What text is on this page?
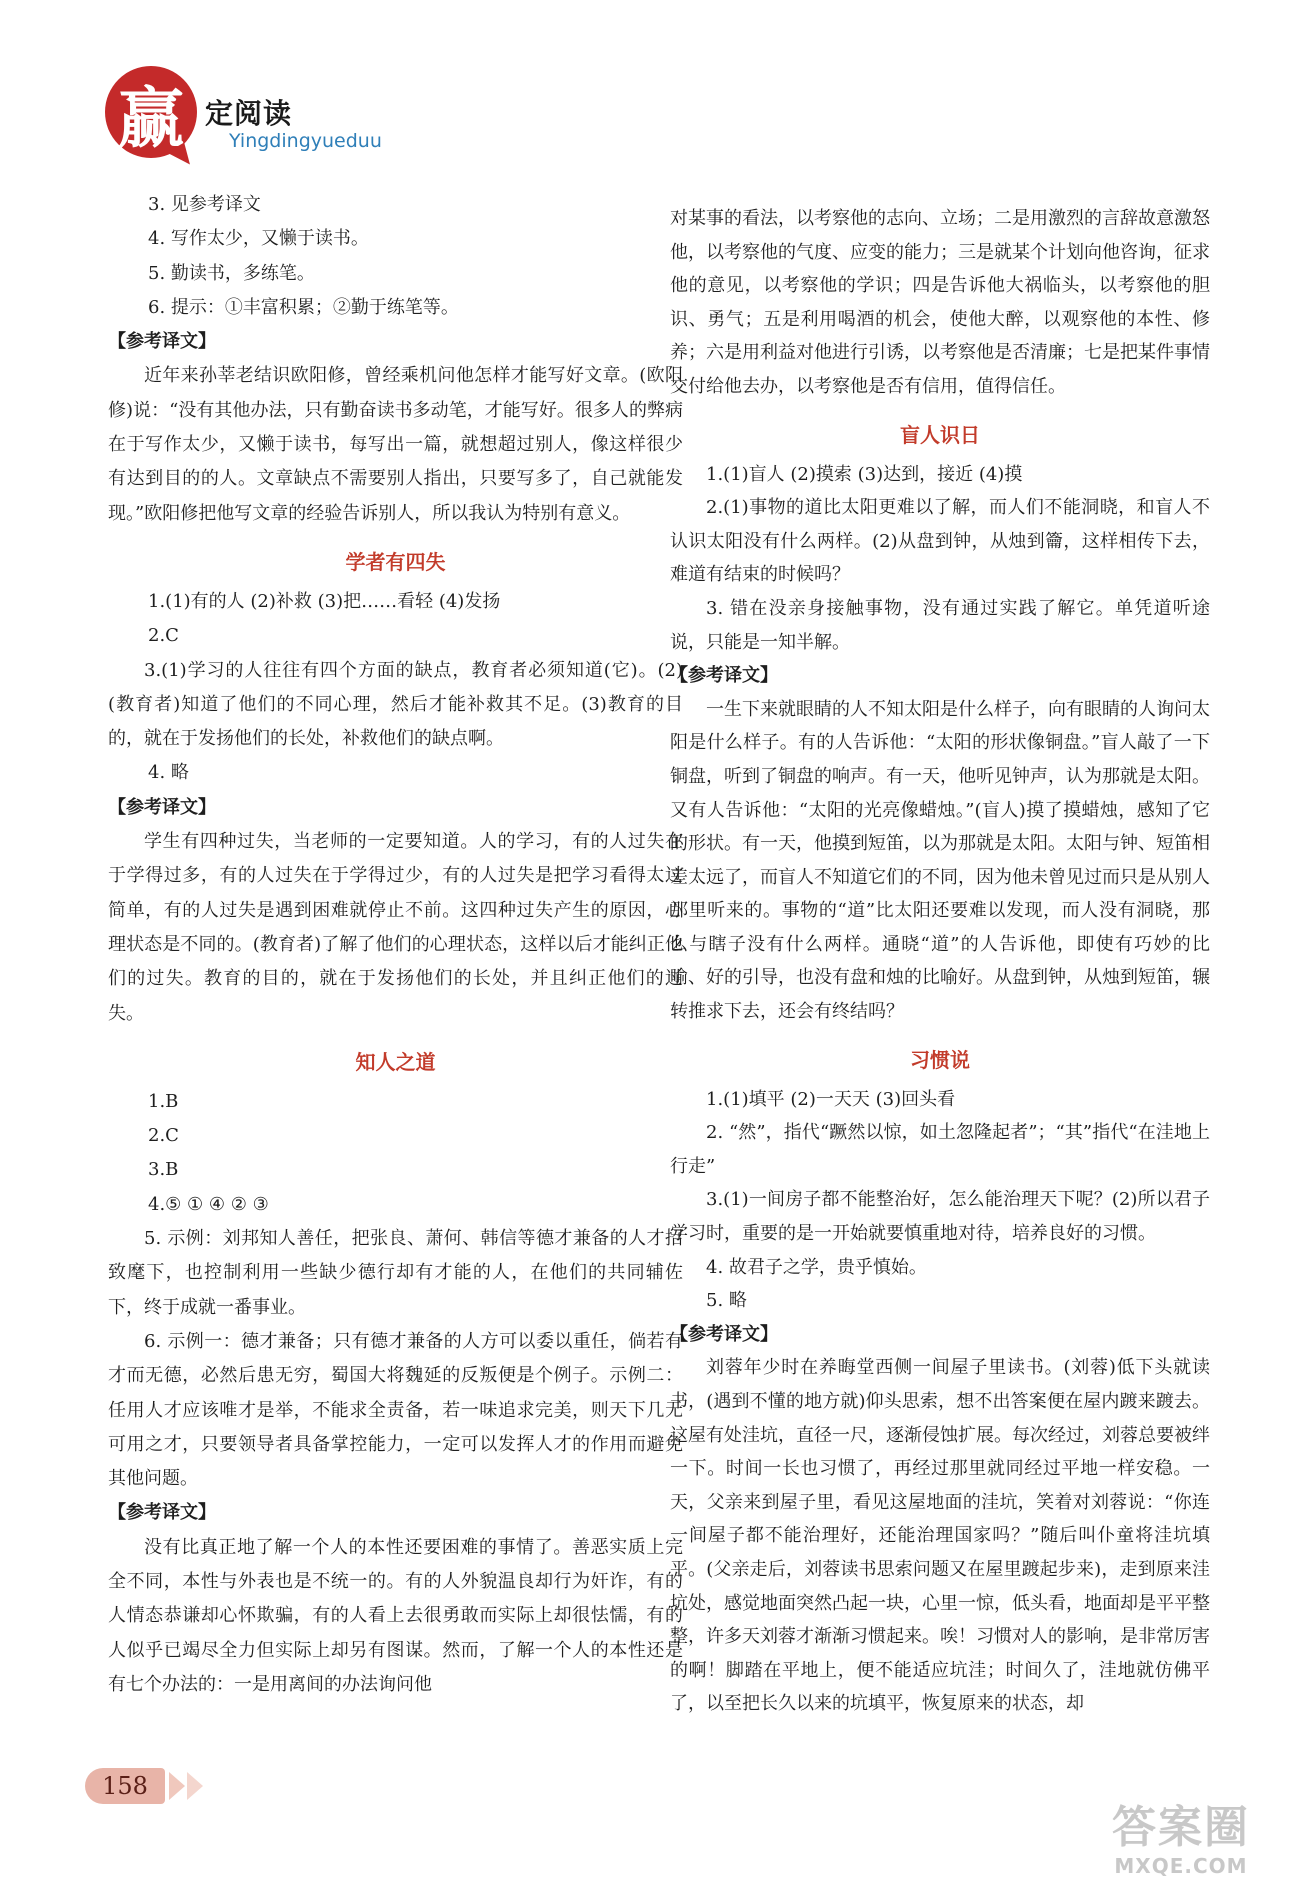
赢 定阅读
Yingdingyueduu

3. 见参考译文

4. 写作太少，又懒于读书。

5. 勤读书，多练笔。

6. 提示：①丰富积累；②勤于练笔等。

【参考译文】

近年来孙莘老结识欧阳修，曾经乘机问他怎样才能写好文章。(欧阳修)说：“没有其他办法，只有勤奋读书多动笔，才能写好。很多人的弊病在于写作太少，又懒于读书，每写出一篇，就想超过别人，像这样很少有达到目的的人。文章缺点不需要别人指出，只要写多了，自己就能发现。”欧阳修把他写文章的经验告诉别人，所以我认为特别有意义。

学者有四失

1.(1)有的人 (2)补救 (3)把……看轻 (4)发扬

2.C

3.(1)学习的人往往有四个方面的缺点，教育者必须知道(它)。(2)(教育者)知道了他们的不同心理，然后才能补救其不足。(3)教育的目的，就在于发扬他们的长处，补救他们的缺点啊。

4. 略

【参考译文】

学生有四种过失，当老师的一定要知道。人的学习，有的人过失在于学得过多，有的人过失在于学得过少，有的人过失是把学习看得太过简单，有的人过失是遇到困难就停止不前。这四种过失产生的原因，心理状态是不同的。(教育者)了解了他们的心理状态，这样以后才能纠正他们的过失。教育的目的，就在于发扬他们的长处，并且纠正他们的过失。

知人之道

1.B

2.C

3.B

4.⑤ ① ④ ② ③

5. 示例：刘邦知人善任，把张良、萧何、韩信等德才兼备的人才招致麾下，也控制利用一些缺少德行却有才能的人，在他们的共同辅佐下，终于成就一番事业。

6. 示例一：德才兼备；只有德才兼备的人方可以委以重任，倘若有才而无德，必然后患无穷，蜀国大将魏延的反叛便是个例子。示例二：任用人才应该唯才是举，不能求全责备，若一味追求完美，则天下几无可用之才，只要领导者具备掌控能力，一定可以发挥人才的作用而避免其他问题。

【参考译文】

没有比真正地了解一个人的本性还要困难的事情了。善恶实质上完全不同，本性与外表也是不统一的。有的人外貌温良却行为奸诈，有的人情态恭谦却心怀欺骗，有的人看上去很勇敢而实际上却很怯懦，有的人似乎已竭尽全力但实际上却另有图谋。然而，了解一个人的本性还是有七个办法的：一是用离间的办法询问他

对某事的看法，以考察他的志向、立场；二是用激烈的言辞故意激怒他，以考察他的气度、应变的能力；三是就某个计划向他咨询，征求他的意见，以考察他的学识；四是告诉他大祸临头，以考察他的胆识、勇气；五是利用喝酒的机会，使他大醉，以观察他的本性、修养；六是用利益对他进行引诱，以考察他是否清廉；七是把某件事情交付给他去办，以考察他是否有信用，值得信任。

盲人识日

1.(1)盲人 (2)摸索 (3)达到，接近 (4)摸

2.(1)事物的道比太阳更难以了解，而人们不能洞晓，和盲人不认识太阳没有什么两样。(2)从盘到钟，从烛到籥，这样相传下去，难道有结束的时候吗？

3. 错在没亲身接触事物，没有通过实践了解它。单凭道听途说，只能是一知半解。

【参考译文】

一生下来就眼睛的人不知太阳是什么样子，向有眼睛的人询问太阳是什么样子。有的人告诉他：“太阳的形状像铜盘。”盲人敲了一下铜盘，听到了铜盘的响声。有一天，他听见钟声，认为那就是太阳。又有人告诉他：“太阳的光亮像蜡烛。”(盲人)摸了摸蜡烛，感知了它的形状。有一天，他摸到短笛，以为那就是太阳。太阳与钟、短笛相差太远了，而盲人不知道它们的不同，因为他未曾见过而只是从别人那里听来的。事物的“道”比太阳还要难以发现，而人没有洞晓，那么与瞎子没有什么两样。通晓“道”的人告诉他，即使有巧妙的比喻、好的引导，也没有盘和烛的比喻好。从盘到钟，从烛到短笛，辗转推求下去，还会有终结吗？

习惯说

1.(1)填平 (2)一天天 (3)回头看

2. “然”，指代“蹶然以惊，如土忽隆起者”；“其”指代“在洼地上行走”

3.(1)一间房子都不能整治好，怎么能治理天下呢？(2)所以君子学习时，重要的是一开始就要慎重地对待，培养良好的习惯。

4. 故君子之学，贵乎慎始。

5. 略

【参考译文】

刘蓉年少时在养晦堂西侧一间屋子里读书。(刘蓉)低下头就读书，(遇到不懂的地方就)仰头思索，想不出答案便在屋内踱来踱去。这屋有处洼坑，直径一尺，逐渐侵蚀扩展。每次经过，刘蓉总要被绊一下。时间一长也习惯了，再经过那里就同经过平地一样安稳。一天，父亲来到屋子里，看见这屋地面的洼坑，笑着对刘蓉说：“你连一间屋子都不能治理好，还能治理国家吗？”随后叫仆童将洼坑填平。(父亲走后，刘蓉读书思索问题又在屋里踱起步来)，走到原来洼坑处，感觉地面突然凸起一块，心里一惊，低头看，地面却是平平整整，许多天刘蓉才渐渐习惯起来。唉！习惯对人的影响，是非常厉害的啊！脚踏在平地上，便不能适应坑洼；时间久了，洼地就仿佛平了，以至把长久以来的坑填平，恢复原来的状态，却

158
答案圈
MXQE.COM
